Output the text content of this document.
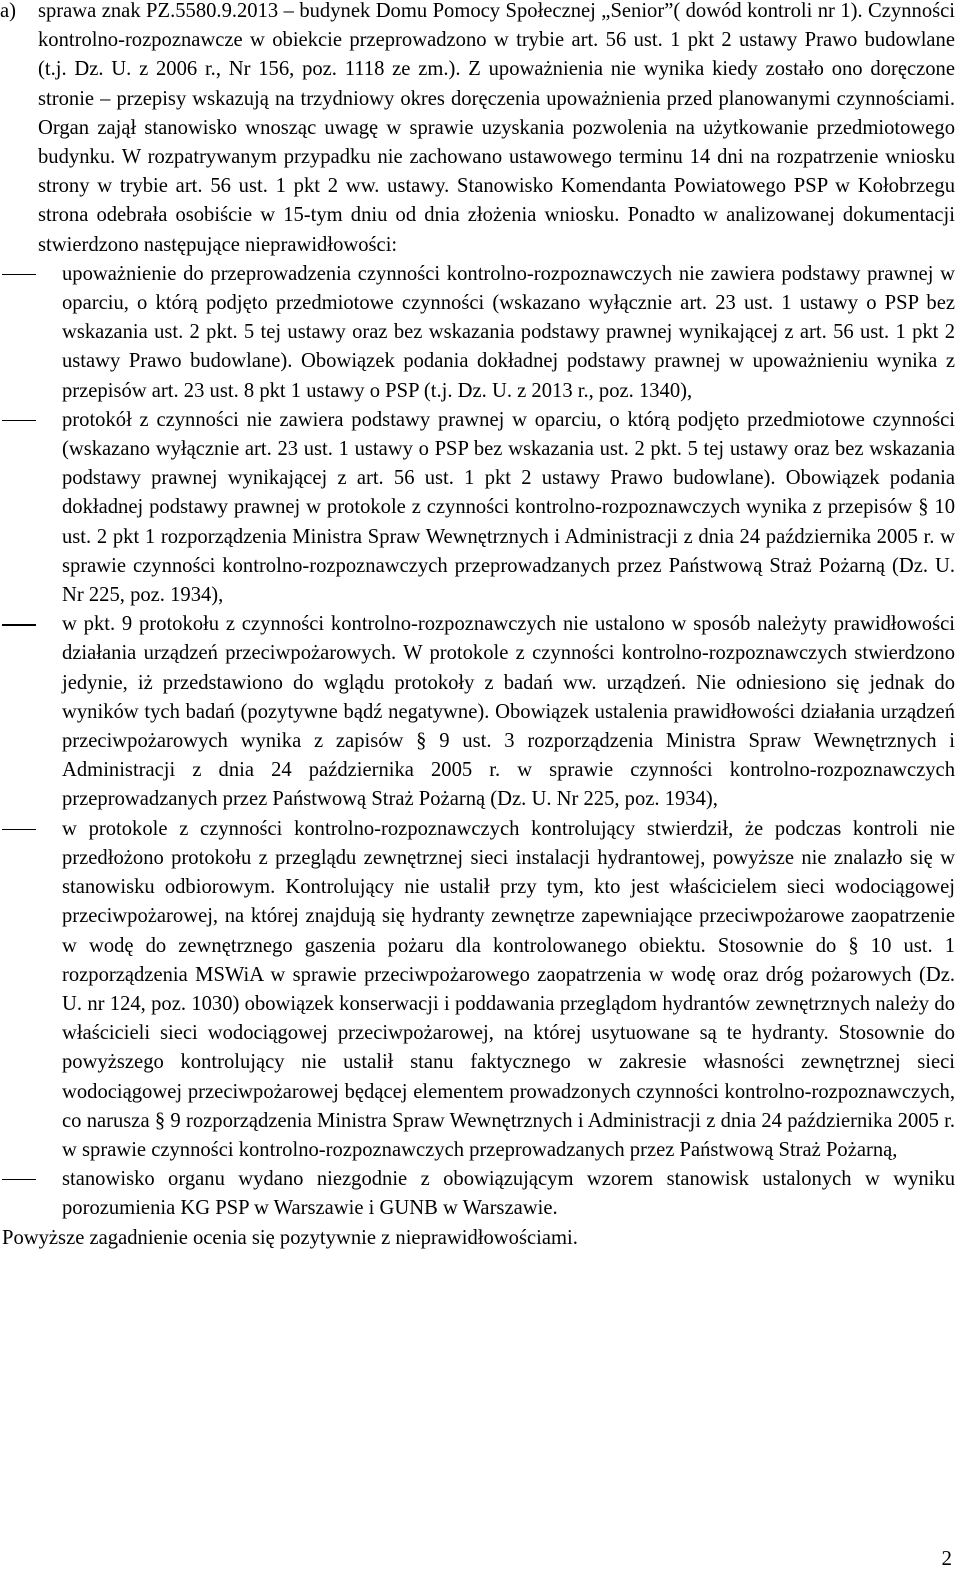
a)	sprawa znak PZ.5580.9.2013 – budynek Domu Pomocy Społecznej „Senior”( dowód kontroli nr 1). Czynności kontrolno-rozpoznawcze w obiekcie przeprowadzono w trybie art. 56 ust. 1 pkt 2 ustawy Prawo budowlane (t.j. Dz. U. z 2006 r., Nr 156, poz. 1118 ze zm.). Z upoważnienia nie wynika kiedy zostało ono doręczone stronie – przepisy wskazują na trzydniowy okres doręczenia upoważnienia przed planowanymi czynnościami. Organ zajął stanowisko wnosząc uwagę w sprawie uzyskania pozwolenia na użytkowanie przedmiotowego budynku. W rozpatrywanym przypadku nie zachowano ustawowego terminu 14 dni na rozpatrzenie wniosku strony w trybie art. 56 ust. 1 pkt 2 ww. ustawy. Stanowisko Komendanta Powiatowego PSP w Kołobrzegu strona odebrała osobiście w 15-tym dniu od dnia złożenia wniosku. Ponadto w analizowanej dokumentacji stwierdzono następujące nieprawidłowości:

upoważnienie do przeprowadzenia czynności kontrolno-rozpoznawczych nie zawiera podstawy prawnej w oparciu, o którą podjęto przedmiotowe czynności (wskazano wyłącznie art. 23 ust. 1 ustawy o PSP bez wskazania ust. 2 pkt. 5 tej ustawy oraz bez wskazania podstawy prawnej wynikającej z art. 56 ust. 1 pkt 2 ustawy Prawo budowlane). Obowiązek podania dokładnej podstawy prawnej w upoważnieniu wynika z przepisów art. 23 ust. 8 pkt 1 ustawy o PSP (t.j. Dz. U. z 2013 r., poz. 1340),

protokół z czynności nie zawiera podstawy prawnej w oparciu, o którą podjęto przedmiotowe czynności (wskazano wyłącznie art. 23 ust. 1 ustawy o PSP bez wskazania ust. 2 pkt. 5 tej ustawy oraz bez wskazania podstawy prawnej wynikającej z art. 56 ust. 1 pkt 2 ustawy Prawo budowlane). Obowiązek podania dokładnej podstawy prawnej w protokole z czynności kontrolno-rozpoznawczych wynika z przepisów § 10 ust. 2 pkt 1 rozporządzenia Ministra Spraw Wewnętrznych i Administracji z dnia 24 października 2005 r. w sprawie czynności kontrolno-rozpoznawczych przeprowadzanych przez Państwową Straż Pożarną (Dz. U. Nr 225, poz. 1934),

w pkt. 9 protokołu z czynności kontrolno-rozpoznawczych nie ustalono w sposób należyty prawidłowości działania urządzeń przeciwpożarowych. W protokole z czynności kontrolno-rozpoznawczych stwierdzono jedynie, iż przedstawiono do wglądu protokoły z badań ww. urządzeń. Nie odniesiono się jednak do wyników tych badań (pozytywne bądź negatywne). Obowiązek ustalenia prawidłowości działania urządzeń przeciwpożarowych wynika z zapisów § 9 ust. 3 rozporządzenia Ministra Spraw Wewnętrznych i Administracji z dnia 24 października 2005 r. w sprawie czynności kontrolno-rozpoznawczych przeprowadzanych przez Państwową Straż Pożarną (Dz. U. Nr 225, poz. 1934),

w protokole z czynności kontrolno-rozpoznawczych kontrolujący stwierdził, że podczas kontroli nie przedłożono protokołu z przeglądu zewnętrznej sieci instalacji hydrantowej, powyższe nie znalazło się w stanowisku odbiorowym. Kontrolujący nie ustalił przy tym, kto jest właścicielem sieci wodociągowej przeciwpożarowej, na której znajdują się hydranty zewnętrze zapewniające przeciwpożarowe zaopatrzenie w wodę do zewnętrznego gaszenia pożaru dla kontrolowanego obiektu. Stosownie do § 10 ust. 1 rozporządzenia MSWiA w sprawie przeciwpożarowego zaopatrzenia w wodę oraz dróg pożarowych (Dz. U. nr 124, poz. 1030) obowiązek konserwacji i poddawania przeglądom hydrantów zewnętrznych należy do właścicieli sieci wodociągowej przeciwpożarowej, na której usytuowane są te hydranty. Stosownie do powyższego kontrolujący nie ustalił stanu faktycznego w zakresie własności zewnętrznej sieci wodociągowej przeciwpożarowej będącej elementem prowadzonych czynności kontrolno-rozpoznawczych, co narusza § 9 rozporządzenia Ministra Spraw Wewnętrznych i Administracji z dnia 24 października 2005 r. w sprawie czynności kontrolno-rozpoznawczych przeprowadzanych przez Państwową Straż Pożarną,

stanowisko organu wydano niezgodnie z obowiązującym wzorem stanowisk ustalonych w wyniku porozumienia KG PSP w Warszawie i GUNB w Warszawie.

Powyższe zagadnienie ocenia się pozytywnie z nieprawidłowościami.

2
